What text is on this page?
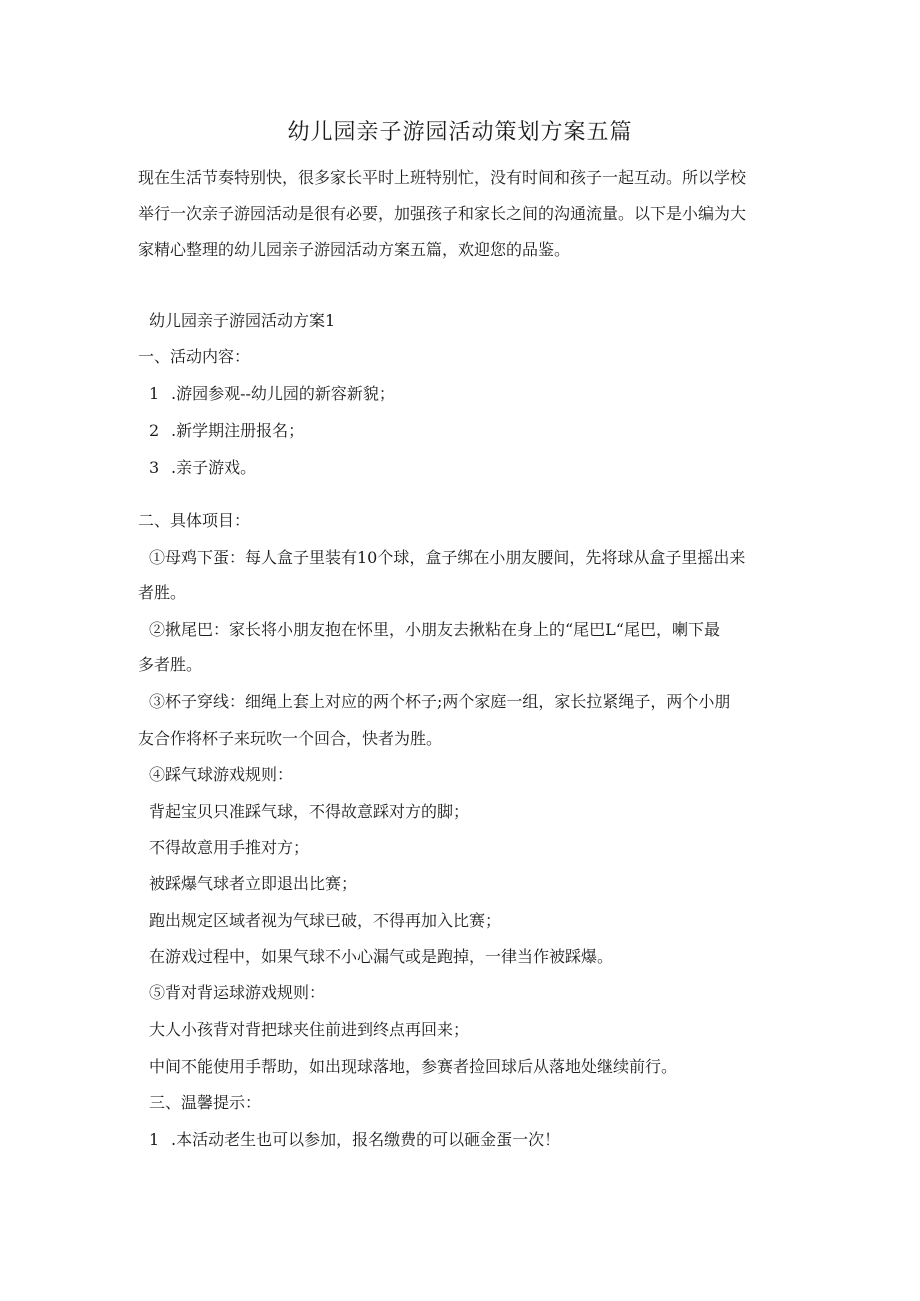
幼儿园亲子游园活动策划方案五篇
现在生活节奏特别快，很多家长平时上班特别忙，没有时间和孩子一起互动。所以学校
举行一次亲子游园活动是很有必要，加强孩子和家长之间的沟通流量。以下是小编为大
家精心整理的幼儿园亲子游园活动方案五篇，欢迎您的品鉴。
幼儿园亲子游园活动方案1
一、活动内容：
1 .游园参观--幼儿园的新容新貌；
2 .新学期注册报名；
3 .亲子游戏。
二、具体项目：
①母鸡下蛋：每人盒子里装有10个球，盒子绑在小朋友腰间，先将球从盒子里摇出来
者胜。
②揪尾巴：家长将小朋友抱在怀里，小朋友去揪粘在身上的“尾巴L“尾巴，喇下最
多者胜。
③杯子穿线：细绳上套上对应的两个杯子;两个家庭一组，家长拉紧绳子，两个小朋
友合作将杯子来玩吹一个回合，快者为胜。
④踩气球游戏规则：
背起宝贝只准踩气球，不得故意踩对方的脚；
不得故意用手推对方；
被踩爆气球者立即退出比赛；
跑出规定区域者视为气球已破，不得再加入比赛；
在游戏过程中，如果气球不小心漏气或是跑掉，一律当作被踩爆。
⑤背对背运球游戏规则：
大人小孩背对背把球夹住前进到终点再回来；
中间不能使用手帮助，如出现球落地，参赛者捡回球后从落地处继续前行。
三、温馨提示：
1 .本活动老生也可以参加，报名缴费的可以砸金蛋一次！
